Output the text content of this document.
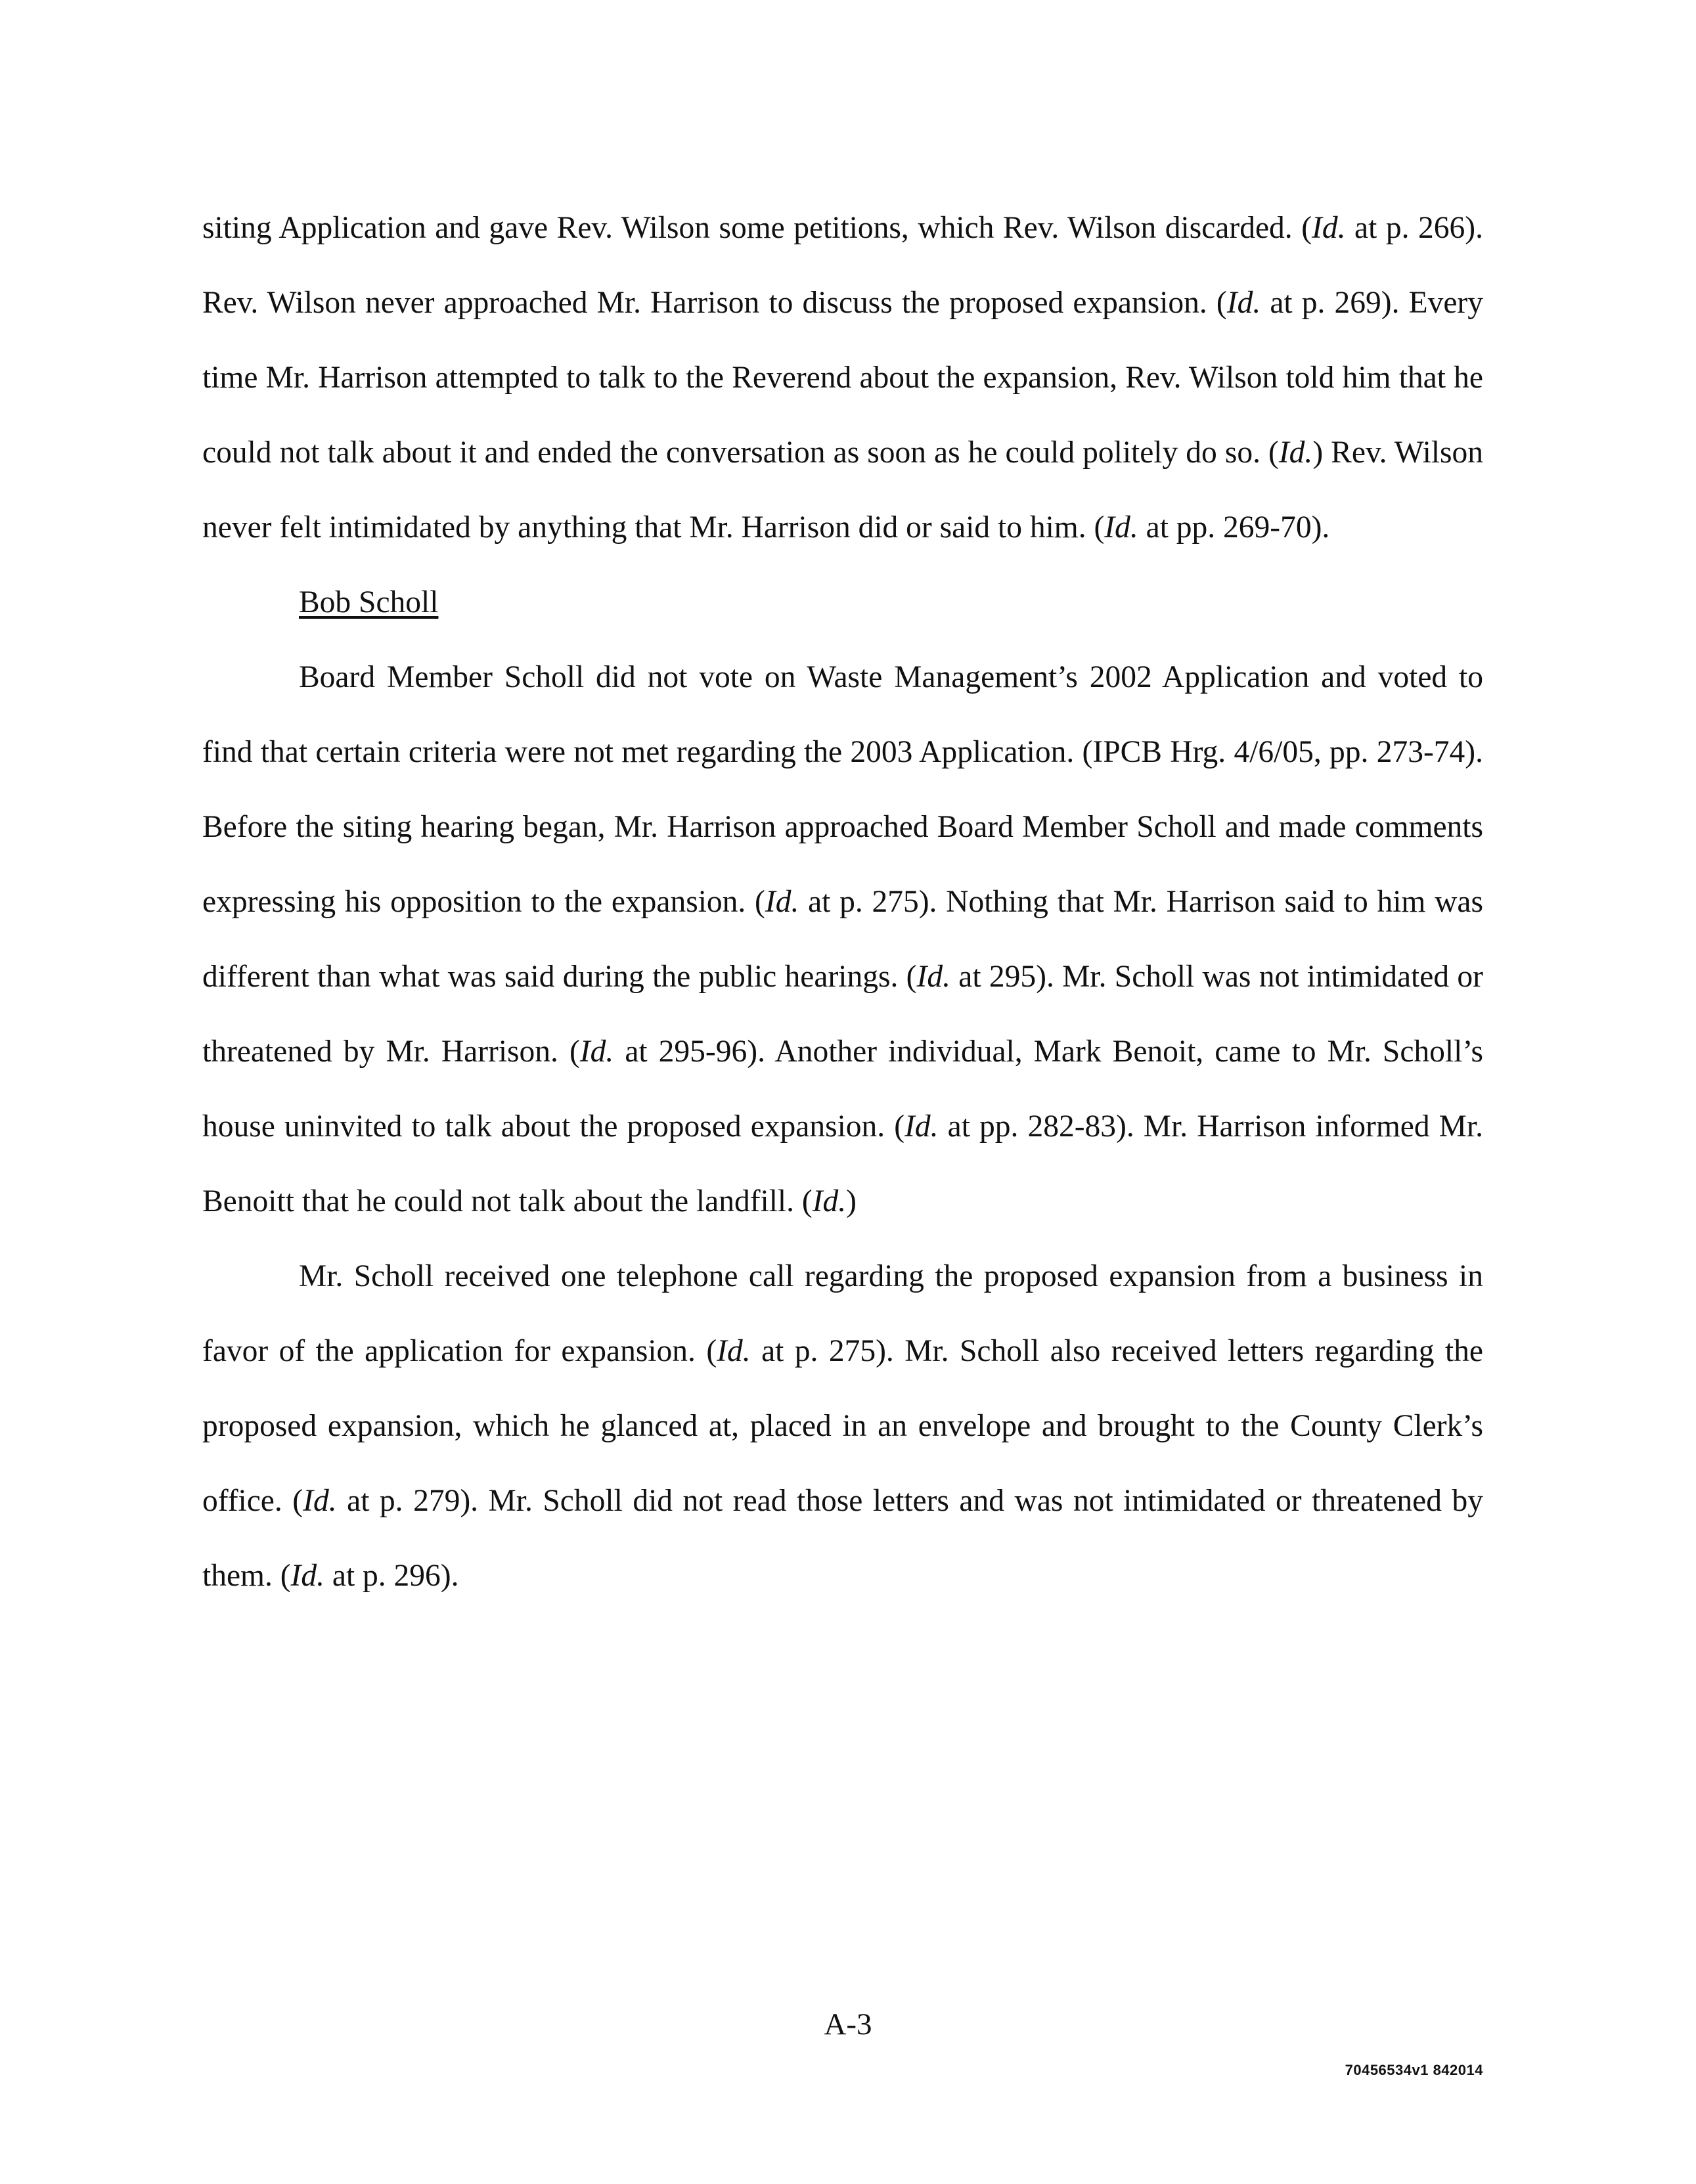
siting Application and gave Rev. Wilson some petitions, which Rev. Wilson discarded. (Id. at p. 266). Rev. Wilson never approached Mr. Harrison to discuss the proposed expansion. (Id. at p. 269). Every time Mr. Harrison attempted to talk to the Reverend about the expansion, Rev. Wilson told him that he could not talk about it and ended the conversation as soon as he could politely do so. (Id.) Rev. Wilson never felt intimidated by anything that Mr. Harrison did or said to him. (Id. at pp. 269-70).

Bob Scholl

Board Member Scholl did not vote on Waste Management’s 2002 Application and voted to find that certain criteria were not met regarding the 2003 Application. (IPCB Hrg. 4/6/05, pp. 273-74). Before the siting hearing began, Mr. Harrison approached Board Member Scholl and made comments expressing his opposition to the expansion. (Id. at p. 275). Nothing that Mr. Harrison said to him was different than what was said during the public hearings. (Id. at 295). Mr. Scholl was not intimidated or threatened by Mr. Harrison. (Id. at 295-96). Another individual, Mark Benoit, came to Mr. Scholl’s house uninvited to talk about the proposed expansion. (Id. at pp. 282-83). Mr. Harrison informed Mr. Benoitt that he could not talk about the landfill. (Id.)

Mr. Scholl received one telephone call regarding the proposed expansion from a business in favor of the application for expansion. (Id. at p. 275). Mr. Scholl also received letters regarding the proposed expansion, which he glanced at, placed in an envelope and brought to the County Clerk’s office. (Id. at p. 279). Mr. Scholl did not read those letters and was not intimidated or threatened by them. (Id. at p. 296).

A-3
70456534v1 842014
